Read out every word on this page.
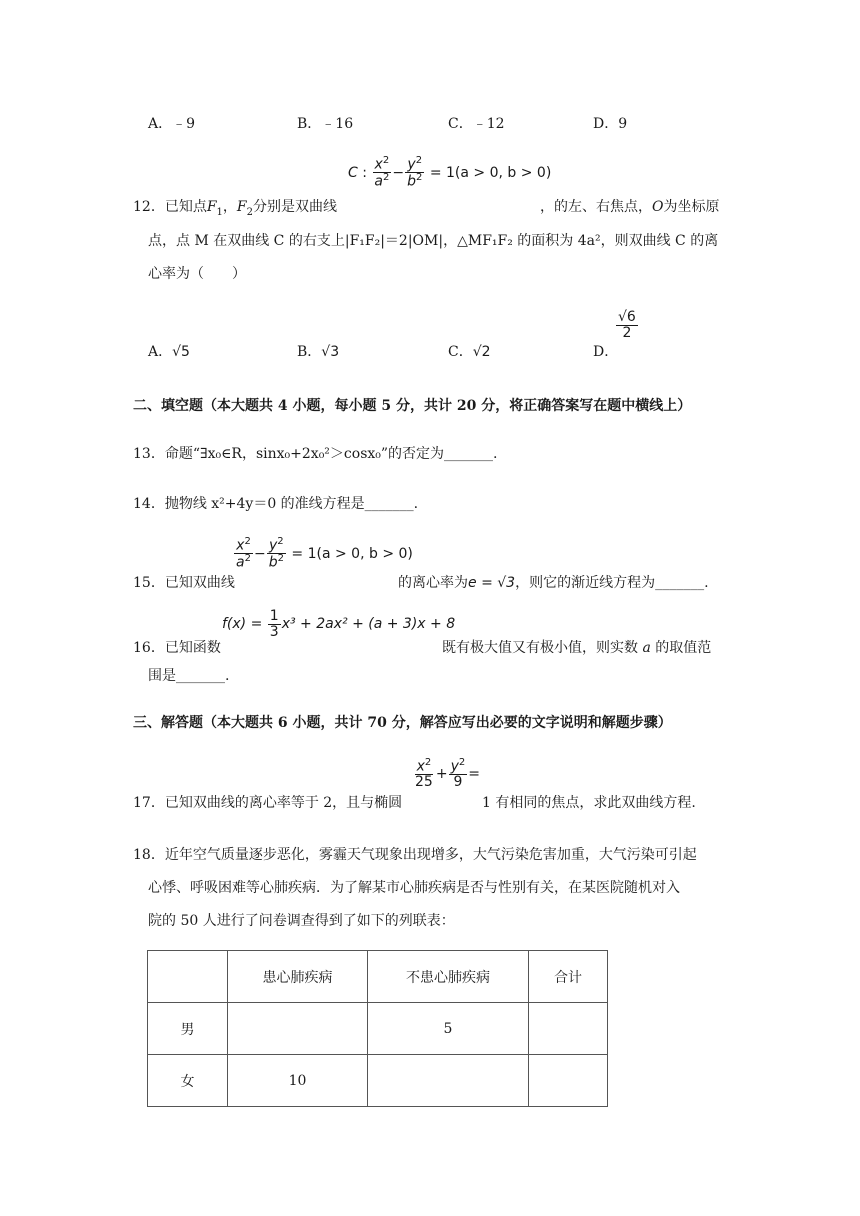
A．﹣9	B．﹣16	C．﹣12	D．9
C : $\frac{x^2}{a^2} - \frac{y^2}{b^2} = 1(a > 0$, b > 0)
12．已知点$F_1$，$F_2$分别是双曲线	，的左、右焦点，O为坐标原
点，点 M 在双曲线 C 的右支上|F₁F₂|＝2|OM|，△MF₁F₂ 的面积为 4a²，则双曲线 C 的离
心率为（　　）
A．√5	B．√3	C．√2	D．
$\frac{√6}{2}$
二、填空题（本大题共 4 小题，每小题 5 分，共计 20 分，将正确答案写在题中横线上）
13．命题“∃x₀∈R，sinx₀+2x₀²＞cosx₀”的否定为_______.
14．抛物线 x²+4y＝0 的准线方程是_______.
$\frac{x^2}{a^2} - \frac{y^2}{b^2} = 1(a > 0$, b > 0)
15．已知双曲线	的离心率为e = √3，则它的渐近线方程为_______.
$f(x) = \frac{1}{3} x^3 + 2ax^2 + (a + 3)x + 8$
16．已知函数	既有极大值又有极小值，则实数 a 的取值范
围是_______.
三、解答题（本大题共 6 小题，共计 70 分，解答应写出必要的文字说明和解题步骤）
$\frac{x^2}{25} + \frac{y^2}{9}$ =
17．已知双曲线的离心率等于 2，且与椭圆	1 有相同的焦点，求此双曲线方程.
18．近年空气质量逐步恶化，雾霾天气现象出现增多，大气污染危害加重，大气污染可引起
心悸、呼吸困难等心肺疾病．为了解某市心肺疾病是否与性别有关，在某医院随机对入
院的 50 人进行了问卷调查得到了如下的列联表：
	患心肺疾病	不患心肺疾病	合计
男		5	
女	10		
